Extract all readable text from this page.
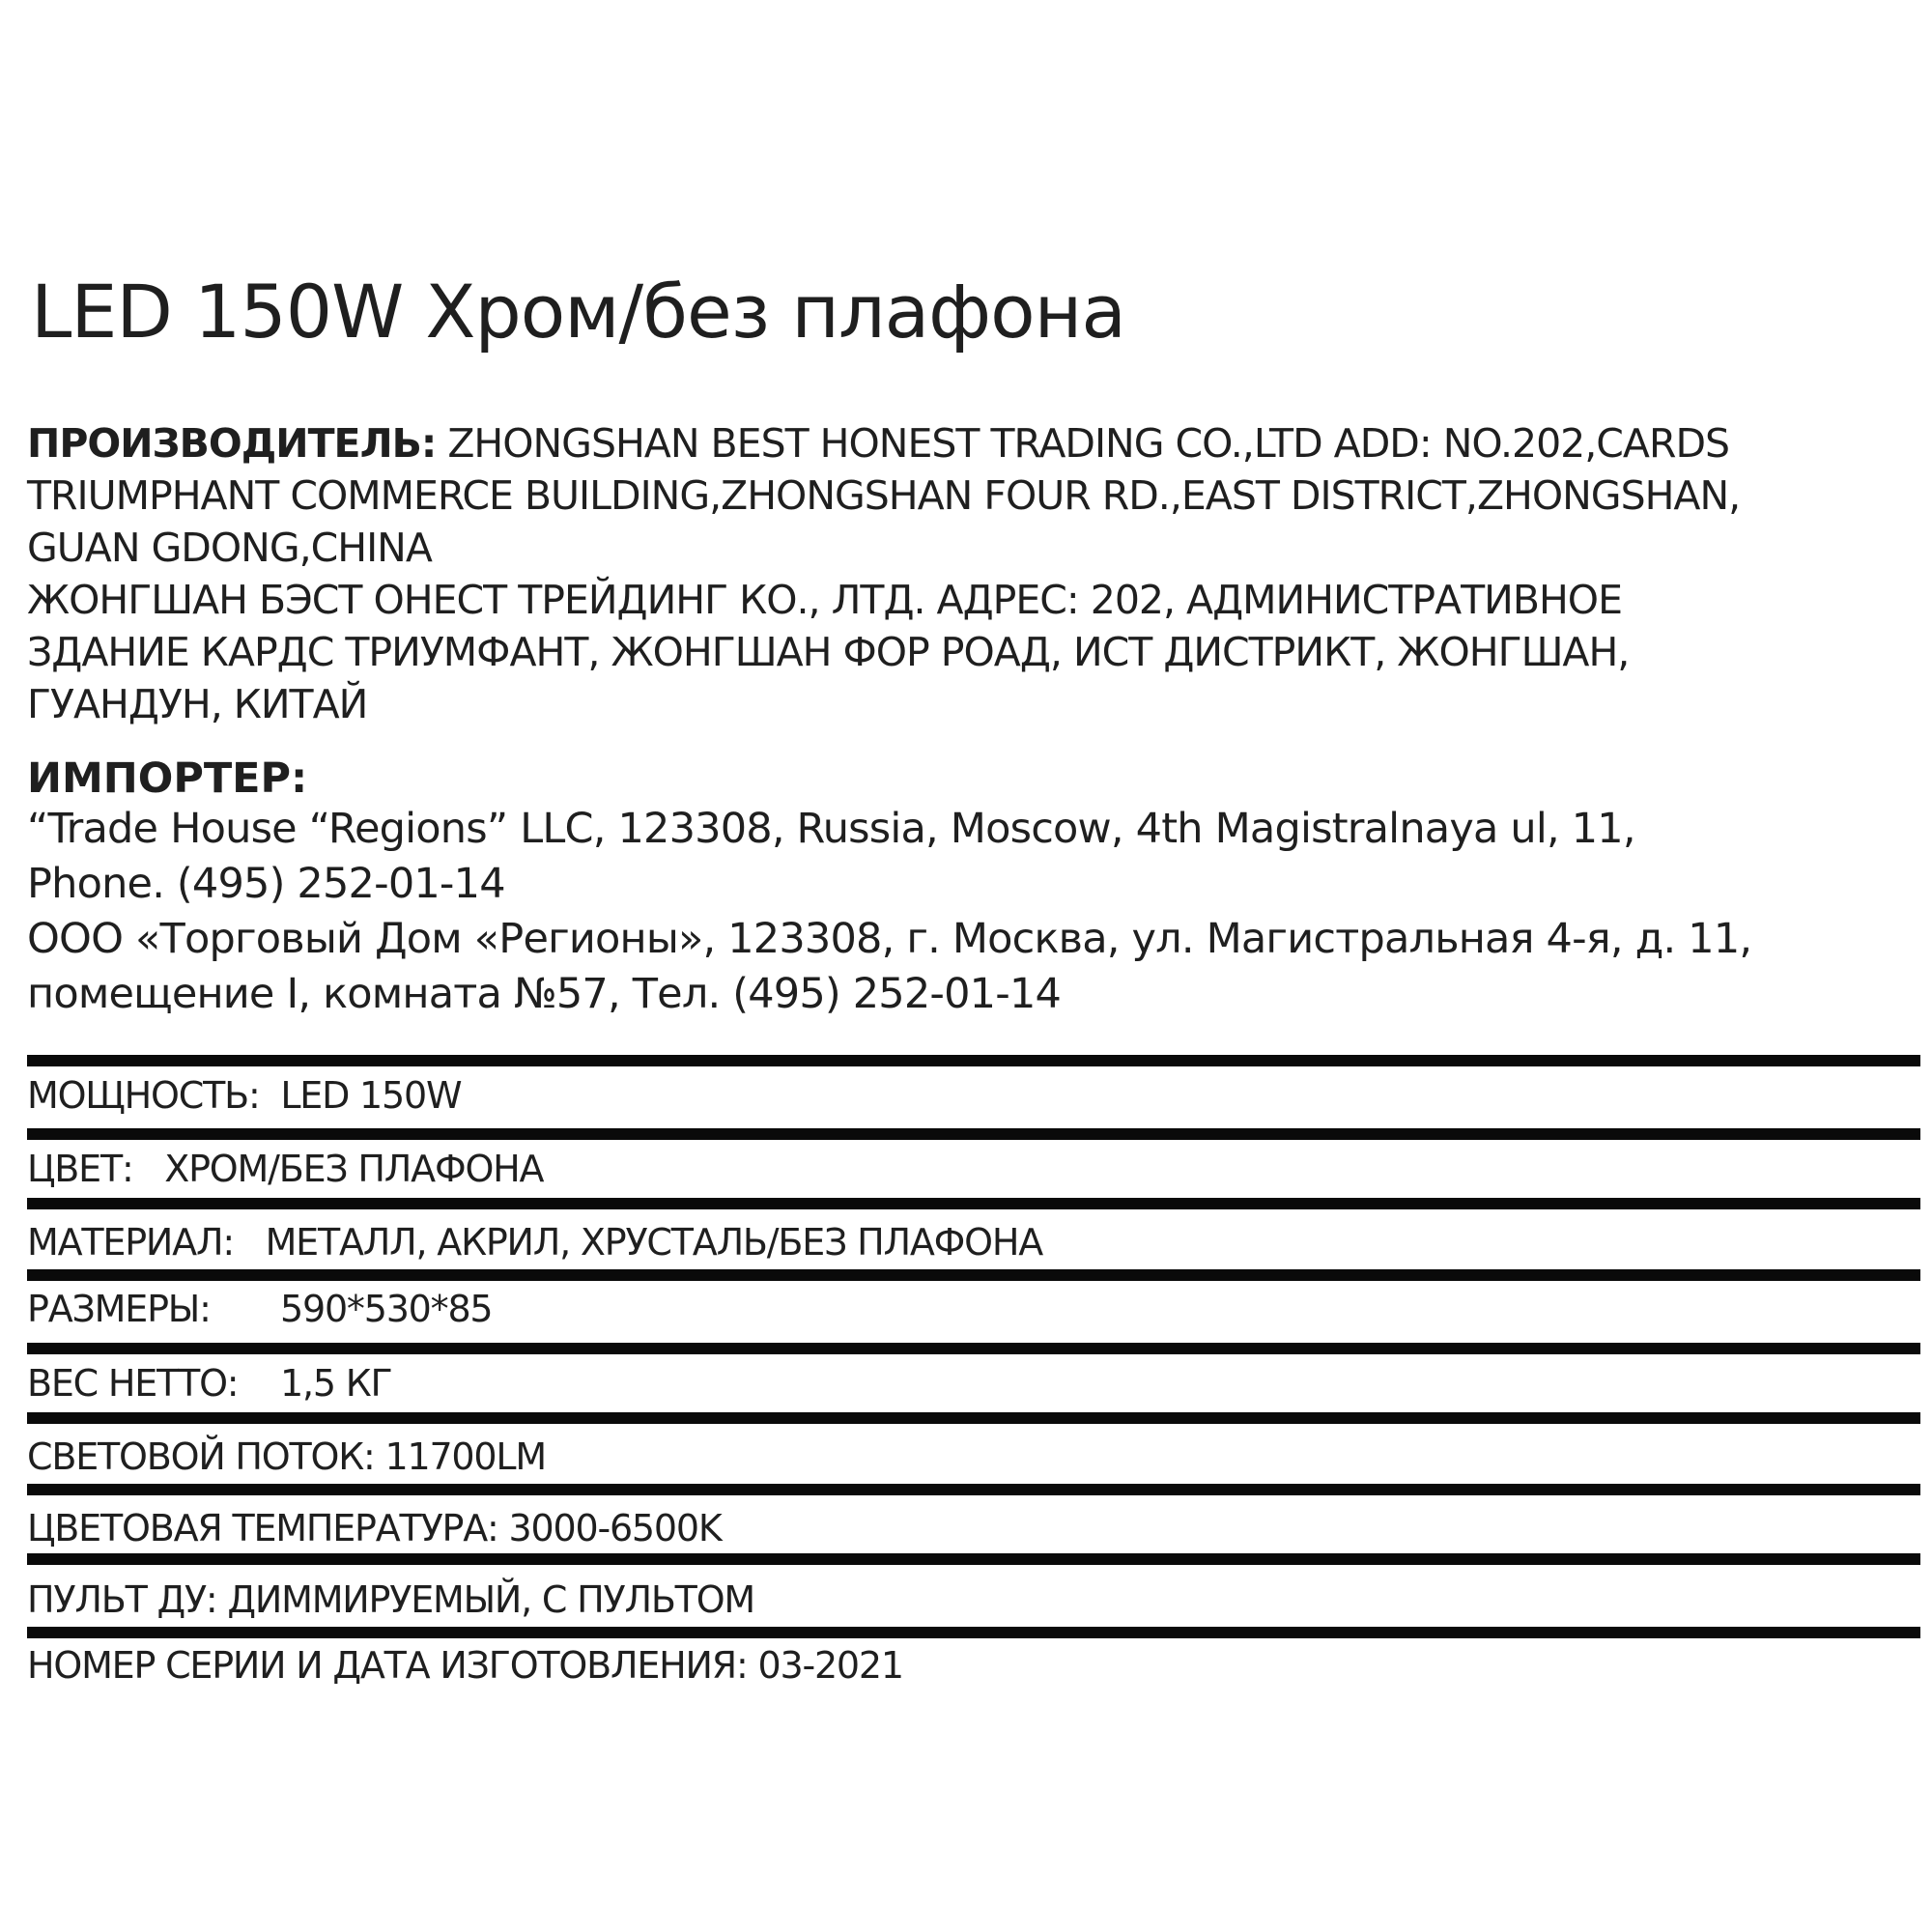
LED 150W Хром/без плафона
ПРОИЗВОДИТЕЛЬ: ZHONGSHAN BEST HONEST TRADING CO.,LTD ADD: NO.202,CARDS
TRIUMPHANT COMMERCE BUILDING,ZHONGSHAN FOUR RD.,EAST DISTRICT,ZHONGSHAN,
GUAN GDONG,CHINA
ЖОНГШАН БЭСТ ОНЕСТ ТРЕЙДИНГ КО., ЛТД. АДРЕС: 202, АДМИНИСТРАТИВНОЕ
ЗДАНИЕ КАРДС ТРИУМФАНТ, ЖОНГШАН ФОР РОАД, ИСТ ДИСТРИКТ, ЖОНГШАН,
ГУАНДУН, КИТАЙ
ИМПОРТЕР:
“Trade House “Regions” LLC, 123308, Russia, Moscow, 4th Magistralnaya ul, 11,
Phone. (495) 252-01-14
ООО «Торговый Дом «Регионы», 123308, г. Москва, ул. Магистральная 4-я, д. 11,
помещение I, комната №57, Тел. (495) 252-01-14
МОЩНОСТЬ: LED 150W
ЦВЕТ: ХРОМ/БЕЗ ПЛАФОНА
МАТЕРИАЛ: МЕТАЛЛ, АКРИЛ, ХРУСТАЛЬ/БЕЗ ПЛАФОНА
РАЗМЕРЫ: 590*530*85
ВЕС НЕТТО: 1,5 КГ
СВЕТОВОЙ ПОТОК: 11700LM
ЦВЕТОВАЯ ТЕМПЕРАТУРА: 3000-6500K
ПУЛЬТ ДУ: ДИММИРУЕМЫЙ, С ПУЛЬТОМ
НОМЕР СЕРИИ И ДАТА ИЗГОТОВЛЕНИЯ: 03-2021
